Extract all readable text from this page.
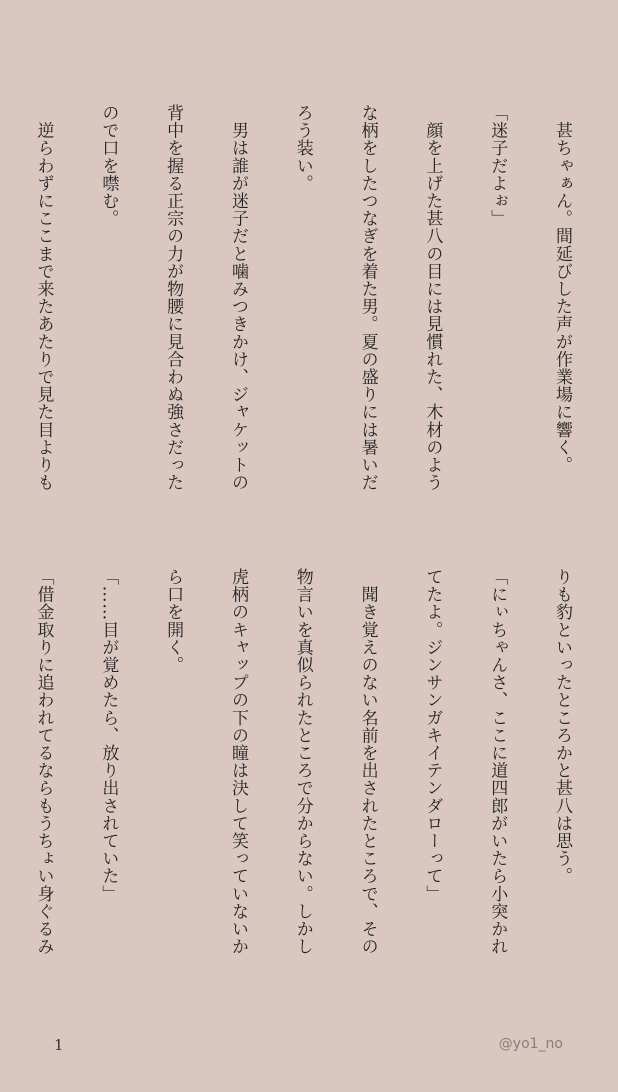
　甚ちゃぁん。間延びした声が作業場に響く。

「迷子だよぉ」

　顔を上げた甚八の目には見慣れた、木材のよう

な柄をしたつなぎを着た男。夏の盛りには暑いだ

ろう装い。

　男は誰が迷子だと噛みつきかけ、ジャケットの

背中を握る正宗の力が物腰に見合わぬ強さだった

ので口を噤む。

　逆らわずにここまで来たあたりで見た目よりも

りも豹といったところかと甚八は思う。

「にぃちゃんさ、ここに道四郎がいたら小突かれ

てたよ。ジンサンガキイテンダローって」

　聞き覚えのない名前を出されたところで、その

物言いを真似られたところで分からない。しかし

虎柄のキャップの下の瞳は決して笑っていないか

ら口を開く。

「……目が覚めたら、放り出されていた」

「借金取りに追われてるならもうちょい身ぐるみ

1	@yo1_no
